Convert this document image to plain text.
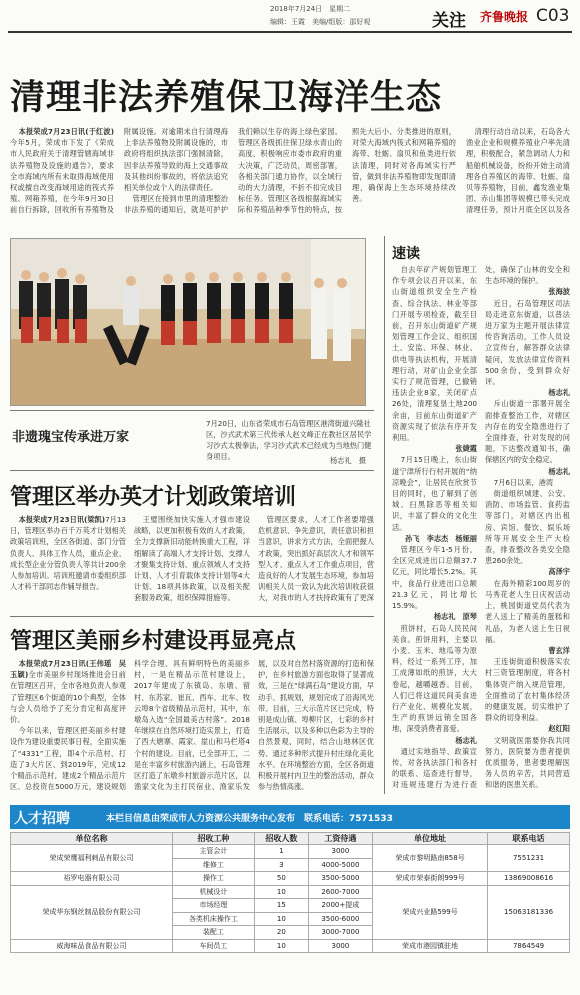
2018年7月24日　星期二
编辑：王霞　美编/组版：邵好观	关注 齐鲁晚报 C03
清理非法养殖保卫海洋生态

本报荣成7月23日讯(于红波)今年5月，荣成市下发了《荣成市人民政府关于清理管辖海域非法养殖物及设施的通告》，要求全市海域内所有未取得海域使用权或擅自改变海域用途的筏式养殖、网箱养殖，在今年9月30日前自行拆除，回收所有养殖物及附属设施。对逾期未自行清理海上非法养殖物及附属设施的，市政府将组织执法部门强制清除，因非法养殖导致的海上交通事故及其他纠纷事故的，将依法追究相关单位或个人的法律责任。

管理区在接到市里的清理整治非法养殖的通知后，就是可护护我们赖以生存的海上绿色家园。管理区各级抓住保卫绿水青山的高度，积极响应市委市政府的重大决策，广泛动员，周密部署，各相关部门通力协作，以全域行动的大力清理，不折不扣完成目标任务。管理区各级根据海域实际和养殖品种季节性的特点，按照先大后小、分类推进的原则，对荣大海域内筏式和网箱养殖的海带、牡蛎、扇贝和鱼类进行依法清理，同时对各海域实行严管，做到非法养殖物即发现即清理，确保海上生态环境持续改善。

清理行动自动以来，石岛各大渔业企业和规模养殖业户率先清理，积极配合，紧急调动人力和船舶机械设备，纷纷开始主动清理各自养殖区的海带、牡蛎、扇贝等养殖物，目前，鑫发渔业集团、赤山集团等规模已带头完成清理任务，预计月底全区以及各

非遗瑰宝传承进万家
7月20日，山东省荣成市石岛管理区港湾街道兴隆社区，沙式武术第三代传承人赵文峰正在教社区居民学习沙式太极拳法，学习沙式武术已经成为当地热门健身项目。	杨志礼　摄
管理区举办英才计划政策培训

本报荣成7月23日讯(梁凯)7月13日，管理区举办百千万英才计划相关政策培训班，全区各街道、部门分管负责人、具体工作人员，重点企业、成长型企业分管负责人等共计200余人参加培训。培训班邀请市委组织部人才科干部同志作辅导报告。

王璧围绕加快实施人才强市建设战略，以更加积极有效的人才政策，全力支撑新旧动能转换重大工程，详细解读了高端人才支持计划、支撑人才聚集支持计划、重点领域人才支持计划、人才引育载体支持计划等4大计划、18项具体政策，以及相关配套服务政策，组织保障措施等。

管理区要求，人才工作者要增强危机意识、争先意识，责任意识和担当意识，讲求方式方法，全面把握人才政策，突出抓好高层次人才和领军型人才、重点人才工作重点项目，营造良好的人才发展生态环境，参加培训相关人员一致认为此次培训收获很大，对我市的人才扶持政策有了更深

管理区美丽乡村建设再显亮点

本报荣成7月23日讯(王伟瑶　吴玉颖)全市美丽乡村现场推进会日前在管理区召开，全市各地负责人参观了管理区6个街道的10个典型，全体与会人员给予了充分肯定和高度评价。

今年以来，管理区把美丽乡村建设作为建设重要民事日程，全面实施了“4331”工程，即4个示范村、打造了3大片区、到2019年，完成12个精品示范村，建成2个精品示范片区、总投资在5000万元，建设规划科学合理、具有鲜明特色的美丽乡村，一是在精品示范村建设上，2017年建成了东镇岛、东墩、留村、东苏家、崔瓦、西车、北车、牧云埠8个省级精品示范村，其中，东墩岛入选“全国最美古村落”。2018年继续在自然环境打造实景上，打造了西大塘寨、霞家、崖山和马栏塔4个村的建设。目前，已全部开工，二是在丰富乡村旅游内涵上，石岛管理区打造了东墩乡村旅游示范片区，以渔家文化为主打民宿业、渔家乐发展，以及对自然村落资源的打造和保护，在乡村旅游方面也取得了显著成效，三是在“绿满石岛”建设方面，早动手、抓规划，规划完成了沿海风光带。目前，三大示范片区已完成，特别是成山镇、埠柳片区，七彩的乡村生活展示，以及多种以色彩为主导的自然景观，同时，结合山地林区优势、通过多种形式提升村庄绿化美化水平。在环境整治方面，全区各街道积极开展村内卫生的整治活动，群众参与热情高涨。

速读

自去年矿产规划管理工作专项会议召开以来，东山街道组织安全生产检查、综合执法、林业等部门开展专项检查，截至目前，召开东山街道矿产规划管理工作会议、组织国土、安监、环保、林业、供电等执法机构，开展清理行动，对矿山企业全部实行了规范管理，已撤销违法企业8家，关闭矿点26处，清理复垦土地200余亩，目前东山街道矿产资源实现了依法有序开发利用。

张婕霞

7月15日晚上，东山街道宁津所行行村开展的“纳凉晚会”，让居民在欣赏节目的同时，也了解到了创城、扫黑除恶等相关知识，丰富了群众的文化生活。

孙飞　李志杰　杨娅丽

管理区今年1-5月份，全区完成进出口总额37.7亿元，同比增长5.2%。其中，食品行业进出口总额21.3亿元，同比增长15.9%。

杨志礼　原琴

煎饼村，石岛人民民间美食。煎饼用料，主要以小麦、玉米、地瓜等为原料，经过一系列工序，加工成薄如纸的煎饼，大大卷起，越嚼越香。目前，人们已将这道民间美食进行产业化、规模化发展，生产的煎饼远销全国各地，深受消费者喜爱。

杨志礼

通过实地指导、政策宣传，对各执法部门和各村的联系、巡查进行督导，对违规违建行为进行查处，确保了山林的安全和生态环境的保护。

张海波

近日，石岛管理区司法局走进京东街道，以普法进万家为主题开展法律宣传咨询活动，工作人员设立宣传台，解答群众法律疑问，发放法律宣传资料500余份，受到群众好评。

杨志礼

斥山街道一部署开展全面排查整治工作，对辖区内存在的安全隐患进行了全面排查，针对发现的问题，下达整改通知书，确保辖区内的安全稳定。

杨志礼

7月6日以来，港湾

街道组织城建、公安、消防、市场监管、食药监等部门，对辖区内出租房、宾馆、餐饮、娱乐场所等开展安全生产大检查，排查整改各类安全隐患260余处。

高泽宇

在海外精彩100周岁的马秀花老人生日庆祝活动上，桃园街道党员代表为老人送上了精美的蛋糕和礼品，为老人送上生日祝福。

曹玄洋

王连街街道积极落实农村三资管理制度，将各村集体资产纳入规范管理，全面推动了农村集体经济的健康发展，切实维护了群众的切身利益。

赵红阳

文明就医需要你我共同努力，医院要为患者提供优质服务，患者要理解医务人员的辛苦，共同营造和谐的医患关系。

人才招聘	本栏目信息由荣成市人力资源公共服务中心发布　联系电话：7571533
单位名称	招收工种	招收人数	工资待遇	单位地址	联系电话
荣成荣鹰福利刺品有限公司	主管会计	1	3000	荣成市黎明路南858号	7551231
	维修工	3	4000-5000		
裕罗电器有限公司	操作工	50	3500-5000	荣成市荣泰街朗999号	13869008616
荣成华东钢丝制品股份有限公司	机械设计	10	2600-7000	荣成兴业路599号	15063181336
	市场经理	15	2000+提成		
	各类机床操作工	10	3500-6000		
	装配工	20	3000-7000		
威海味品食品有限公司	车间员工	10	3000	荣成市港园镇驻地	7864549
